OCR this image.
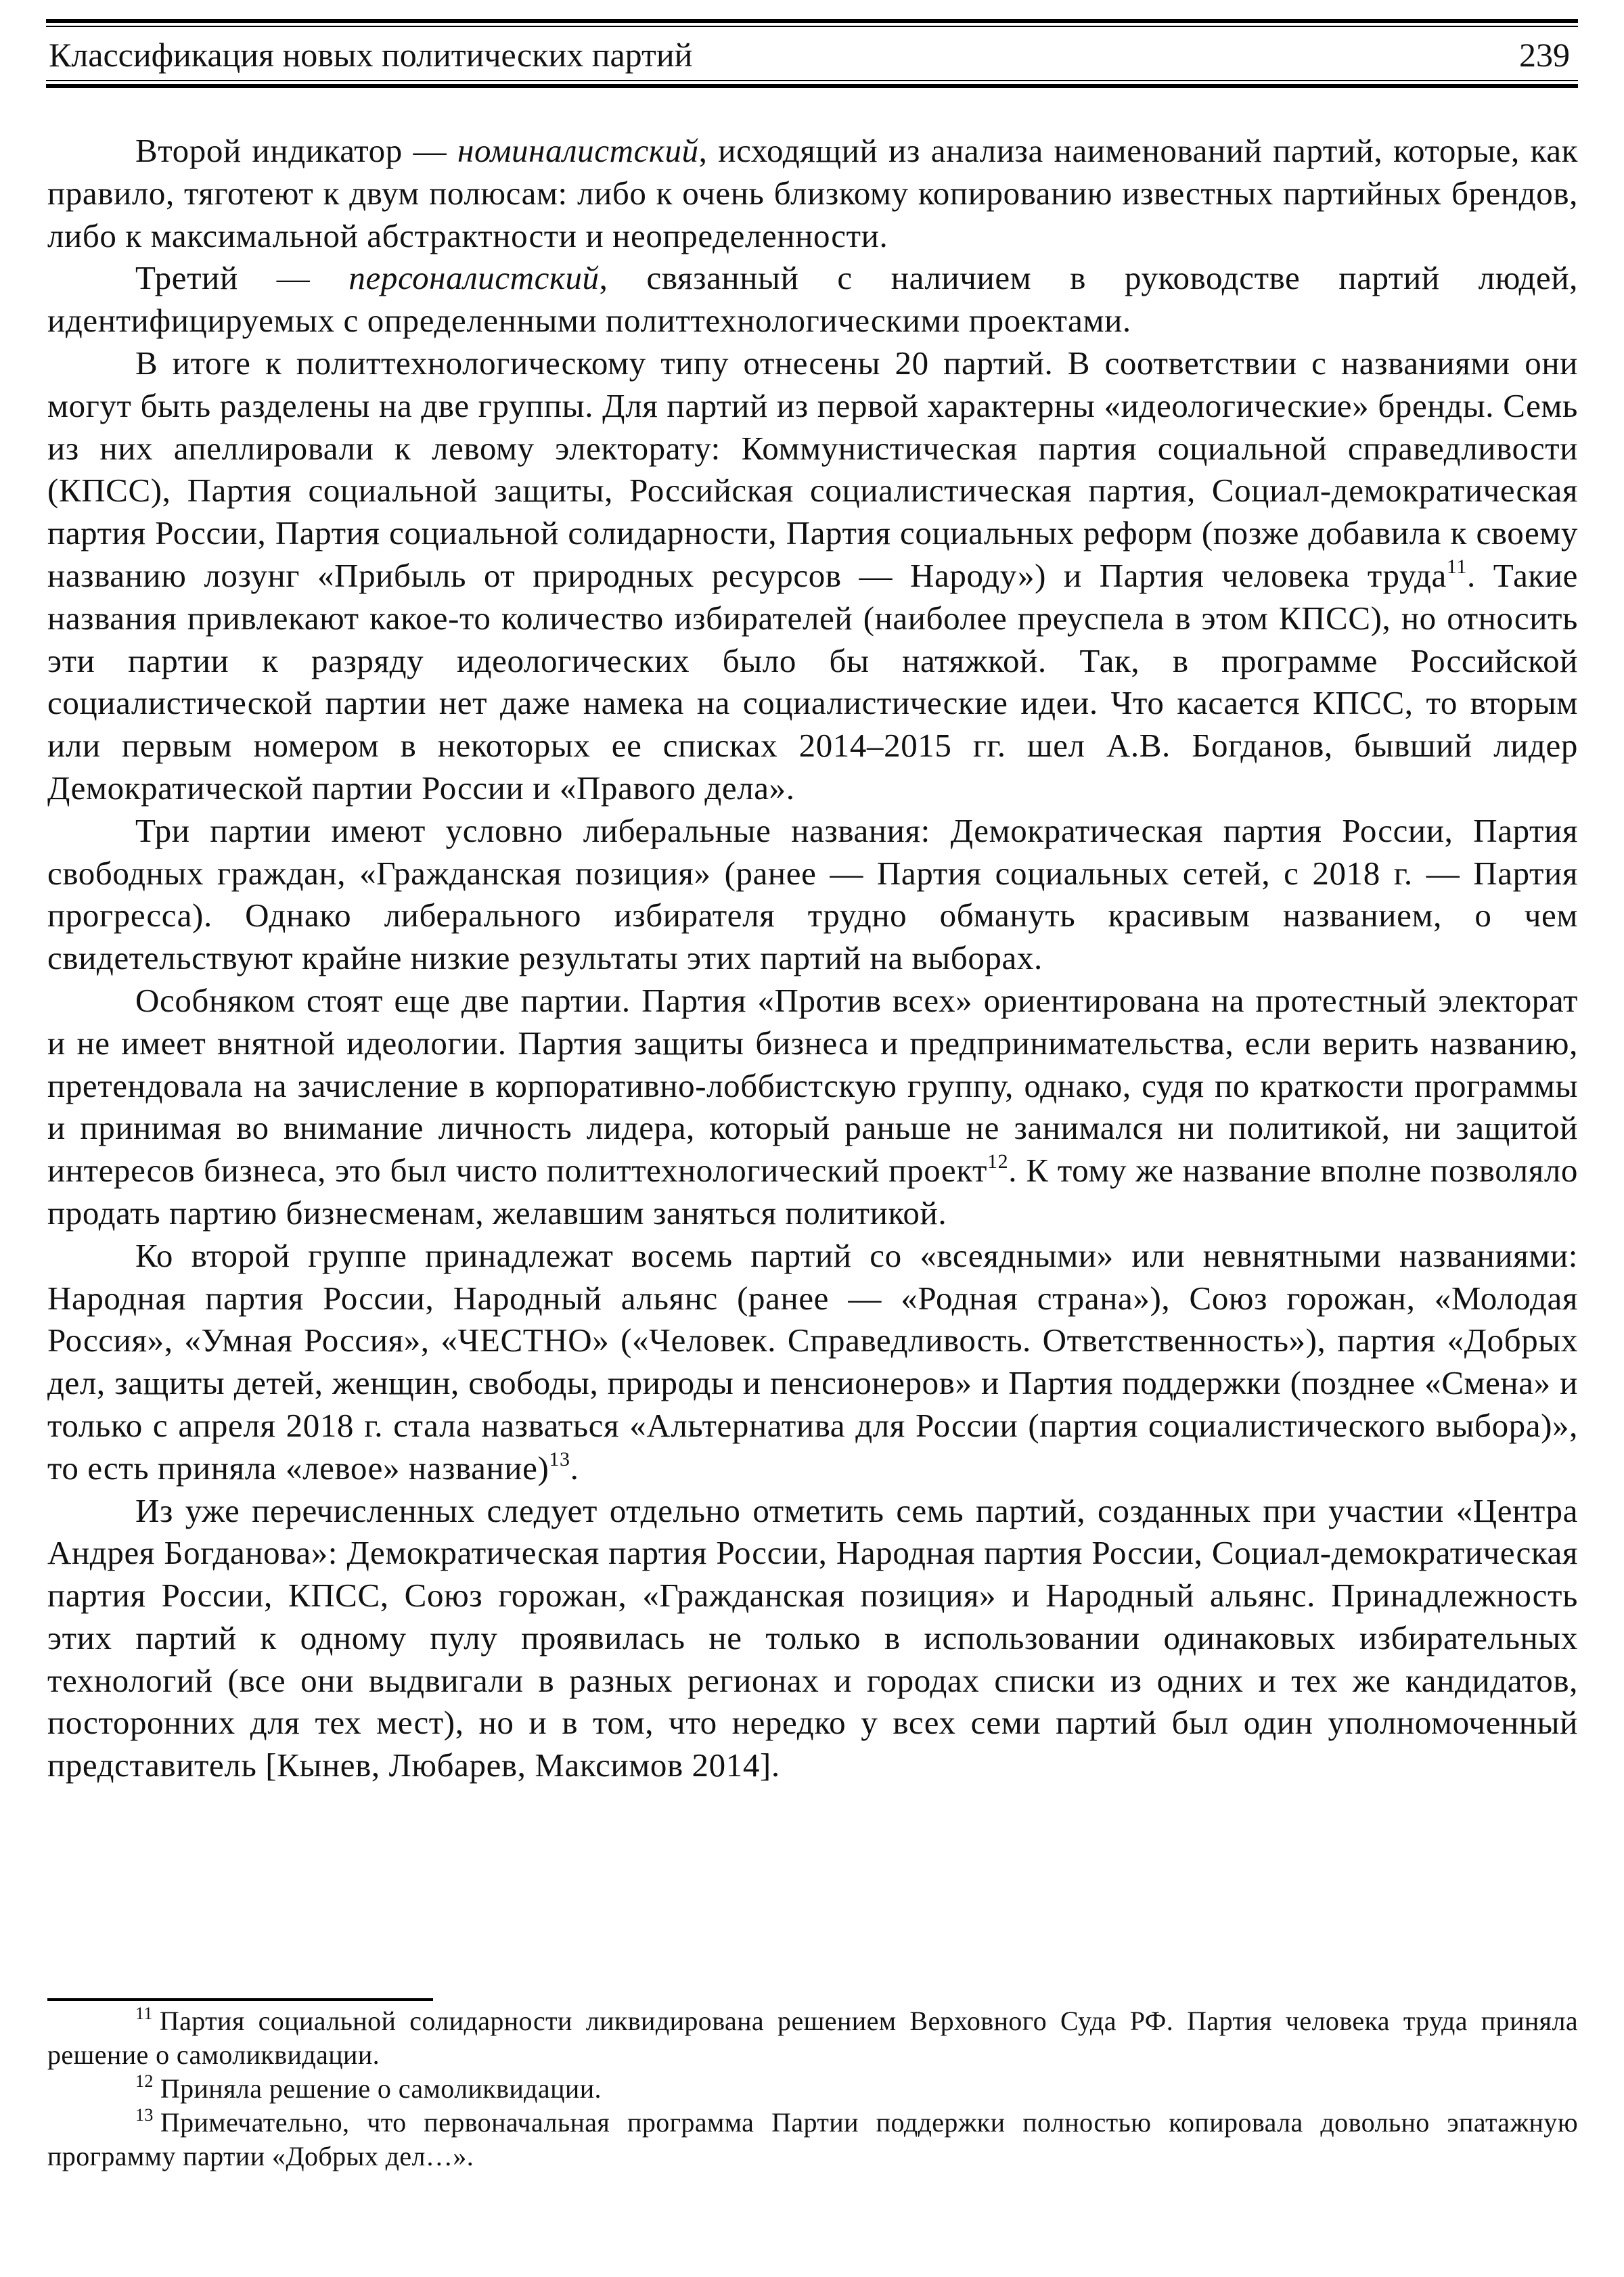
Классификация новых политических партий	239

Второй индикатор — номиналистский, исходящий из анализа наименований партий, которые, как правило, тяготеют к двум полюсам: либо к очень близкому копированию известных партийных брендов, либо к максимальной абстрактности и неопределенности.

Третий — персоналистский, связанный с наличием в руководстве партий людей, идентифицируемых с определенными политтехнологическими проектами.

В итоге к политтехнологическому типу отнесены 20 партий. В соответствии с названиями они могут быть разделены на две группы. Для партий из первой характерны «идеологические» бренды. Семь из них апеллировали к левому электорату: Коммунистическая партия социальной справедливости (КПСС), Партия социальной защиты, Российская социалистическая партия, Социал-демократическая партия России, Партия социальной солидарности, Партия социальных реформ (позже добавила к своему названию лозунг «Прибыль от природных ресурсов — Народу») и Партия человека труда$^{11}$. Такие названия привлекают какое-то количество избирателей (наиболее преуспела в этом КПСС), но относить эти партии к разряду идеологических было бы натяжкой. Так, в программе Российской социалистической партии нет даже намека на социалистические идеи. Что касается КПСС, то вторым или первым номером в некоторых ее списках 2014–2015 гг. шел А.В. Богданов, бывший лидер Демократической партии России и «Правого дела».

Три партии имеют условно либеральные названия: Демократическая партия России, Партия свободных граждан, «Гражданская позиция» (ранее — Партия социальных сетей, с 2018 г. — Партия прогресса). Однако либерального избирателя трудно обмануть красивым названием, о чем свидетельствуют крайне низкие результаты этих партий на выборах.

Особняком стоят еще две партии. Партия «Против всех» ориентирована на протестный электорат и не имеет внятной идеологии. Партия защиты бизнеса и предпринимательства, если верить названию, претендовала на зачисление в корпоративно-лоббистскую группу, однако, судя по краткости программы и принимая во внимание личность лидера, который раньше не занимался ни политикой, ни защитой интересов бизнеса, это был чисто политтехнологический проект$^{12}$. К тому же название вполне позволяло продать партию бизнесменам, желавшим заняться политикой.

Ко второй группе принадлежат восемь партий со «всеядными» или невнятными названиями: Народная партия России, Народный альянс (ранее — «Родная страна»), Союз горожан, «Молодая Россия», «Умная Россия», «ЧЕСТНО» («Человек. Справедливость. Ответственность»), партия «Добрых дел, защиты детей, женщин, свободы, природы и пенсионеров» и Партия поддержки (позднее «Смена» и только с апреля 2018 г. стала назваться «Альтернатива для России (партия социалистического выбора)», то есть приняла «левое» название)$^{13}$.

Из уже перечисленных следует отдельно отметить семь партий, созданных при участии «Центра Андрея Богданова»: Демократическая партия России, Народная партия России, Социал-демократическая партия России, КПСС, Союз горожан, «Гражданская позиция» и Народный альянс. Принадлежность этих партий к одному пулу проявилась не только в использовании одинаковых избирательных технологий (все они выдвигали в разных регионах и городах списки из одних и тех же кандидатов, посторонних для тех мест), но и в том, что нередко у всех семи партий был один уполномоченный представитель [Кынев, Любарев, Максимов 2014].

$^{11}$ Партия социальной солидарности ликвидирована решением Верховного Суда РФ. Партия человека труда приняла решение о самоликвидации.

$^{12}$ Приняла решение о самоликвидации.

$^{13}$ Примечательно, что первоначальная программа Партии поддержки полностью копировала довольно эпатажную программу партии «Добрых дел…».
